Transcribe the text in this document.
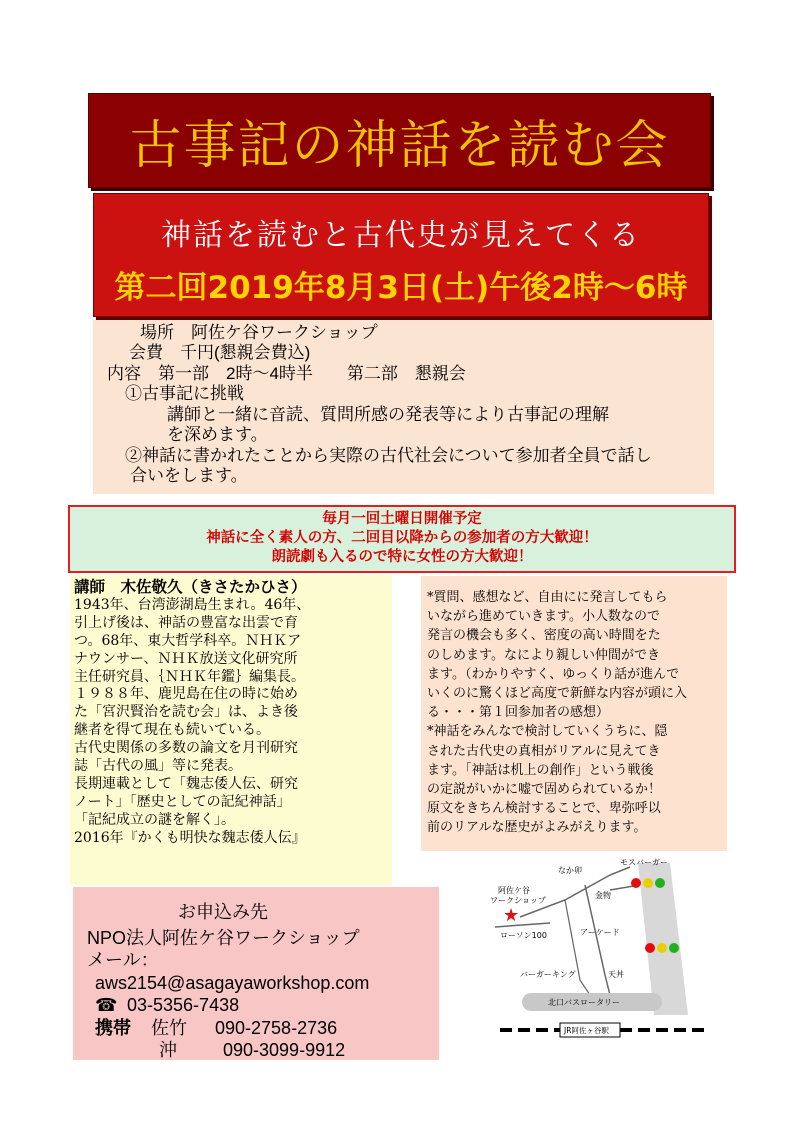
古事記の神話を読む会
神話を読むと古代史が見えてくる
第二回2019年8月3日(土)午後2時～6時
場所　阿佐ケ谷ワークショップ
会費　千円(懇親会費込)
内容　第一部　2時～4時半　　第二部　懇親会
①古事記に挑戦
講師と一緒に音読、質問所感の発表等により古事記の理解
を深めます。
②神話に書かれたことから実際の古代社会について参加者全員で話し
合いをします。
毎月一回土曜日開催予定
神話に全く素人の方、二回目以降からの参加者の方大歓迎！
朗読劇も入るので特に女性の方大歓迎！
講師　木佐敬久（きさたかひさ）
1943年、台湾澎湖島生まれ。46年、
引上げ後は、神話の豊富な出雲で育
つ。68年、東大哲学科卒。ＮＨＫア
ナウンサー、ＮＨＫ放送文化研究所
主任研究員、｛ＮＨＫ年鑑｝編集長。
１９８８年、鹿児島在住の時に始め
た「宮沢賢治を読む会」は、よき後
継者を得て現在も続いている。
古代史関係の多数の論文を月刊研究
誌「古代の風」等に発表。
長期連載として「魏志倭人伝、研究
ノート」「歴史としての記紀神話」
「記紀成立の謎を解く」。
2016年『かくも明快な魏志倭人伝』
*質問、感想など、自由にに発言してもら
いながら進めていきます。小人数なので
発言の機会も多く、密度の高い時間をた
のしめます。なにより親しい仲間ができ
ます。（わかりやすく、ゆっくり話が進んで
いくのに驚くほど高度で新鮮な内容が頭に入
る・・・第１回参加者の感想）
*神話をみんなで検討していくうちに、隠
された古代史の真相がリアルに見えてき
ます。「神話は机上の創作」という戦後
の定説がいかに嘘で固められているか！
原文をきちん検討することで、卑弥呼以
前のリアルな歴史がよみがえります。
お申込み先
NPO法人阿佐ケ谷ワークショップ
メール：
aws2154@asagayaworkshop.com
☎ 03-5356-7438
携帯 佐竹 090-2758-2736
沖	090-3099-9912
★
モスバーガー
なか卯
阿佐ケ谷
ワークショップ
金物
ローソン100	アーケード
バーガーキング	天丼
北口バスロータリー
JR阿佐ヶ谷駅
